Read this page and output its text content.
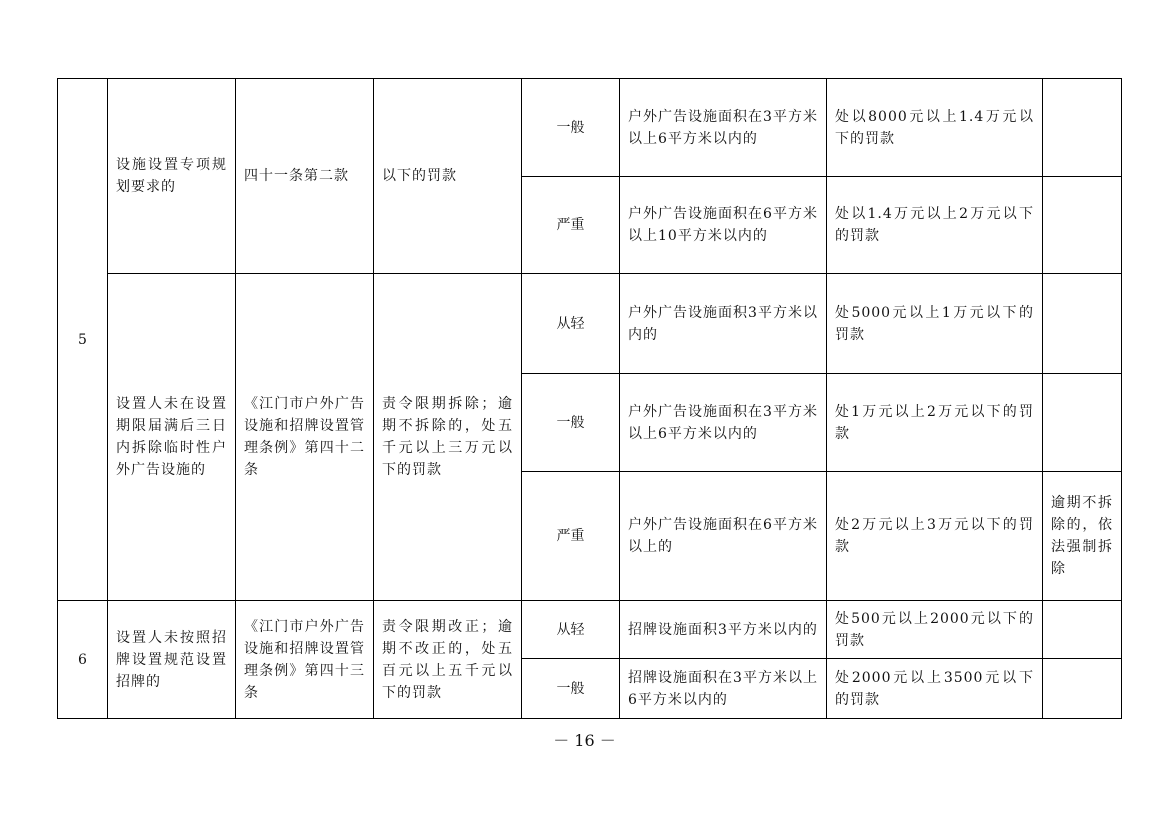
5	设施设置专项规划要求的	四十一条第二款	以下的罚款	一般	户外广告设施面积在3平方米以上6平方米以内的	处以8000元以上1.4万元以下的罚款	
				严重	户外广告设施面积在6平方米以上10平方米以内的	处以1.4万元以上2万元以下的罚款	
	设置人未在设置期限届满后三日内拆除临时性户外广告设施的	《江门市户外广告设施和招牌设置管理条例》第四十二条	责令限期拆除；逾期不拆除的，处五千元以上三万元以下的罚款	从轻	户外广告设施面积3平方米以内的	处5000元以上1万元以下的罚款	
				一般	户外广告设施面积在3平方米以上6平方米以内的	处1万元以上2万元以下的罚款	
				严重	户外广告设施面积在6平方米以上的	处2万元以上3万元以下的罚款	逾期不拆除的，依法强制拆除
6	设置人未按照招牌设置规范设置招牌的	《江门市户外广告设施和招牌设置管理条例》第四十三条	责令限期改正；逾期不改正的，处五百元以上五千元以下的罚款	从轻	招牌设施面积3平方米以内的	处500元以上2000元以下的罚款	
				一般	招牌设施面积在3平方米以上6平方米以内的	处2000元以上3500元以下的罚款	
－ 16 －
